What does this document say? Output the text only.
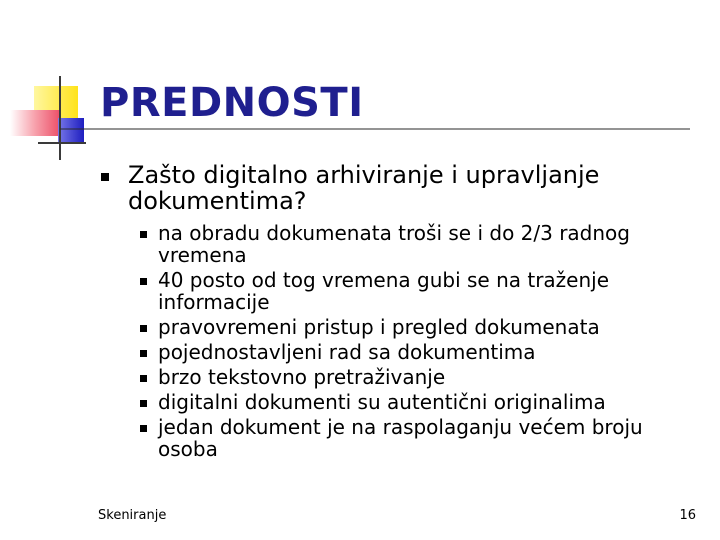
PREDNOSTI
Zašto digitalno arhiviranje i upravljanje dokumentima?
na obradu dokumenata troši se i do 2/3 radnog vremena
40 posto od tog vremena gubi se na traženje informacije
pravovremeni pristup i pregled dokumenata
pojednostavljeni rad sa dokumentima
brzo tekstovno pretraživanje
digitalni dokumenti su autentični originalima
jedan dokument je na raspolaganju većem broju osoba
Skeniranje	16
